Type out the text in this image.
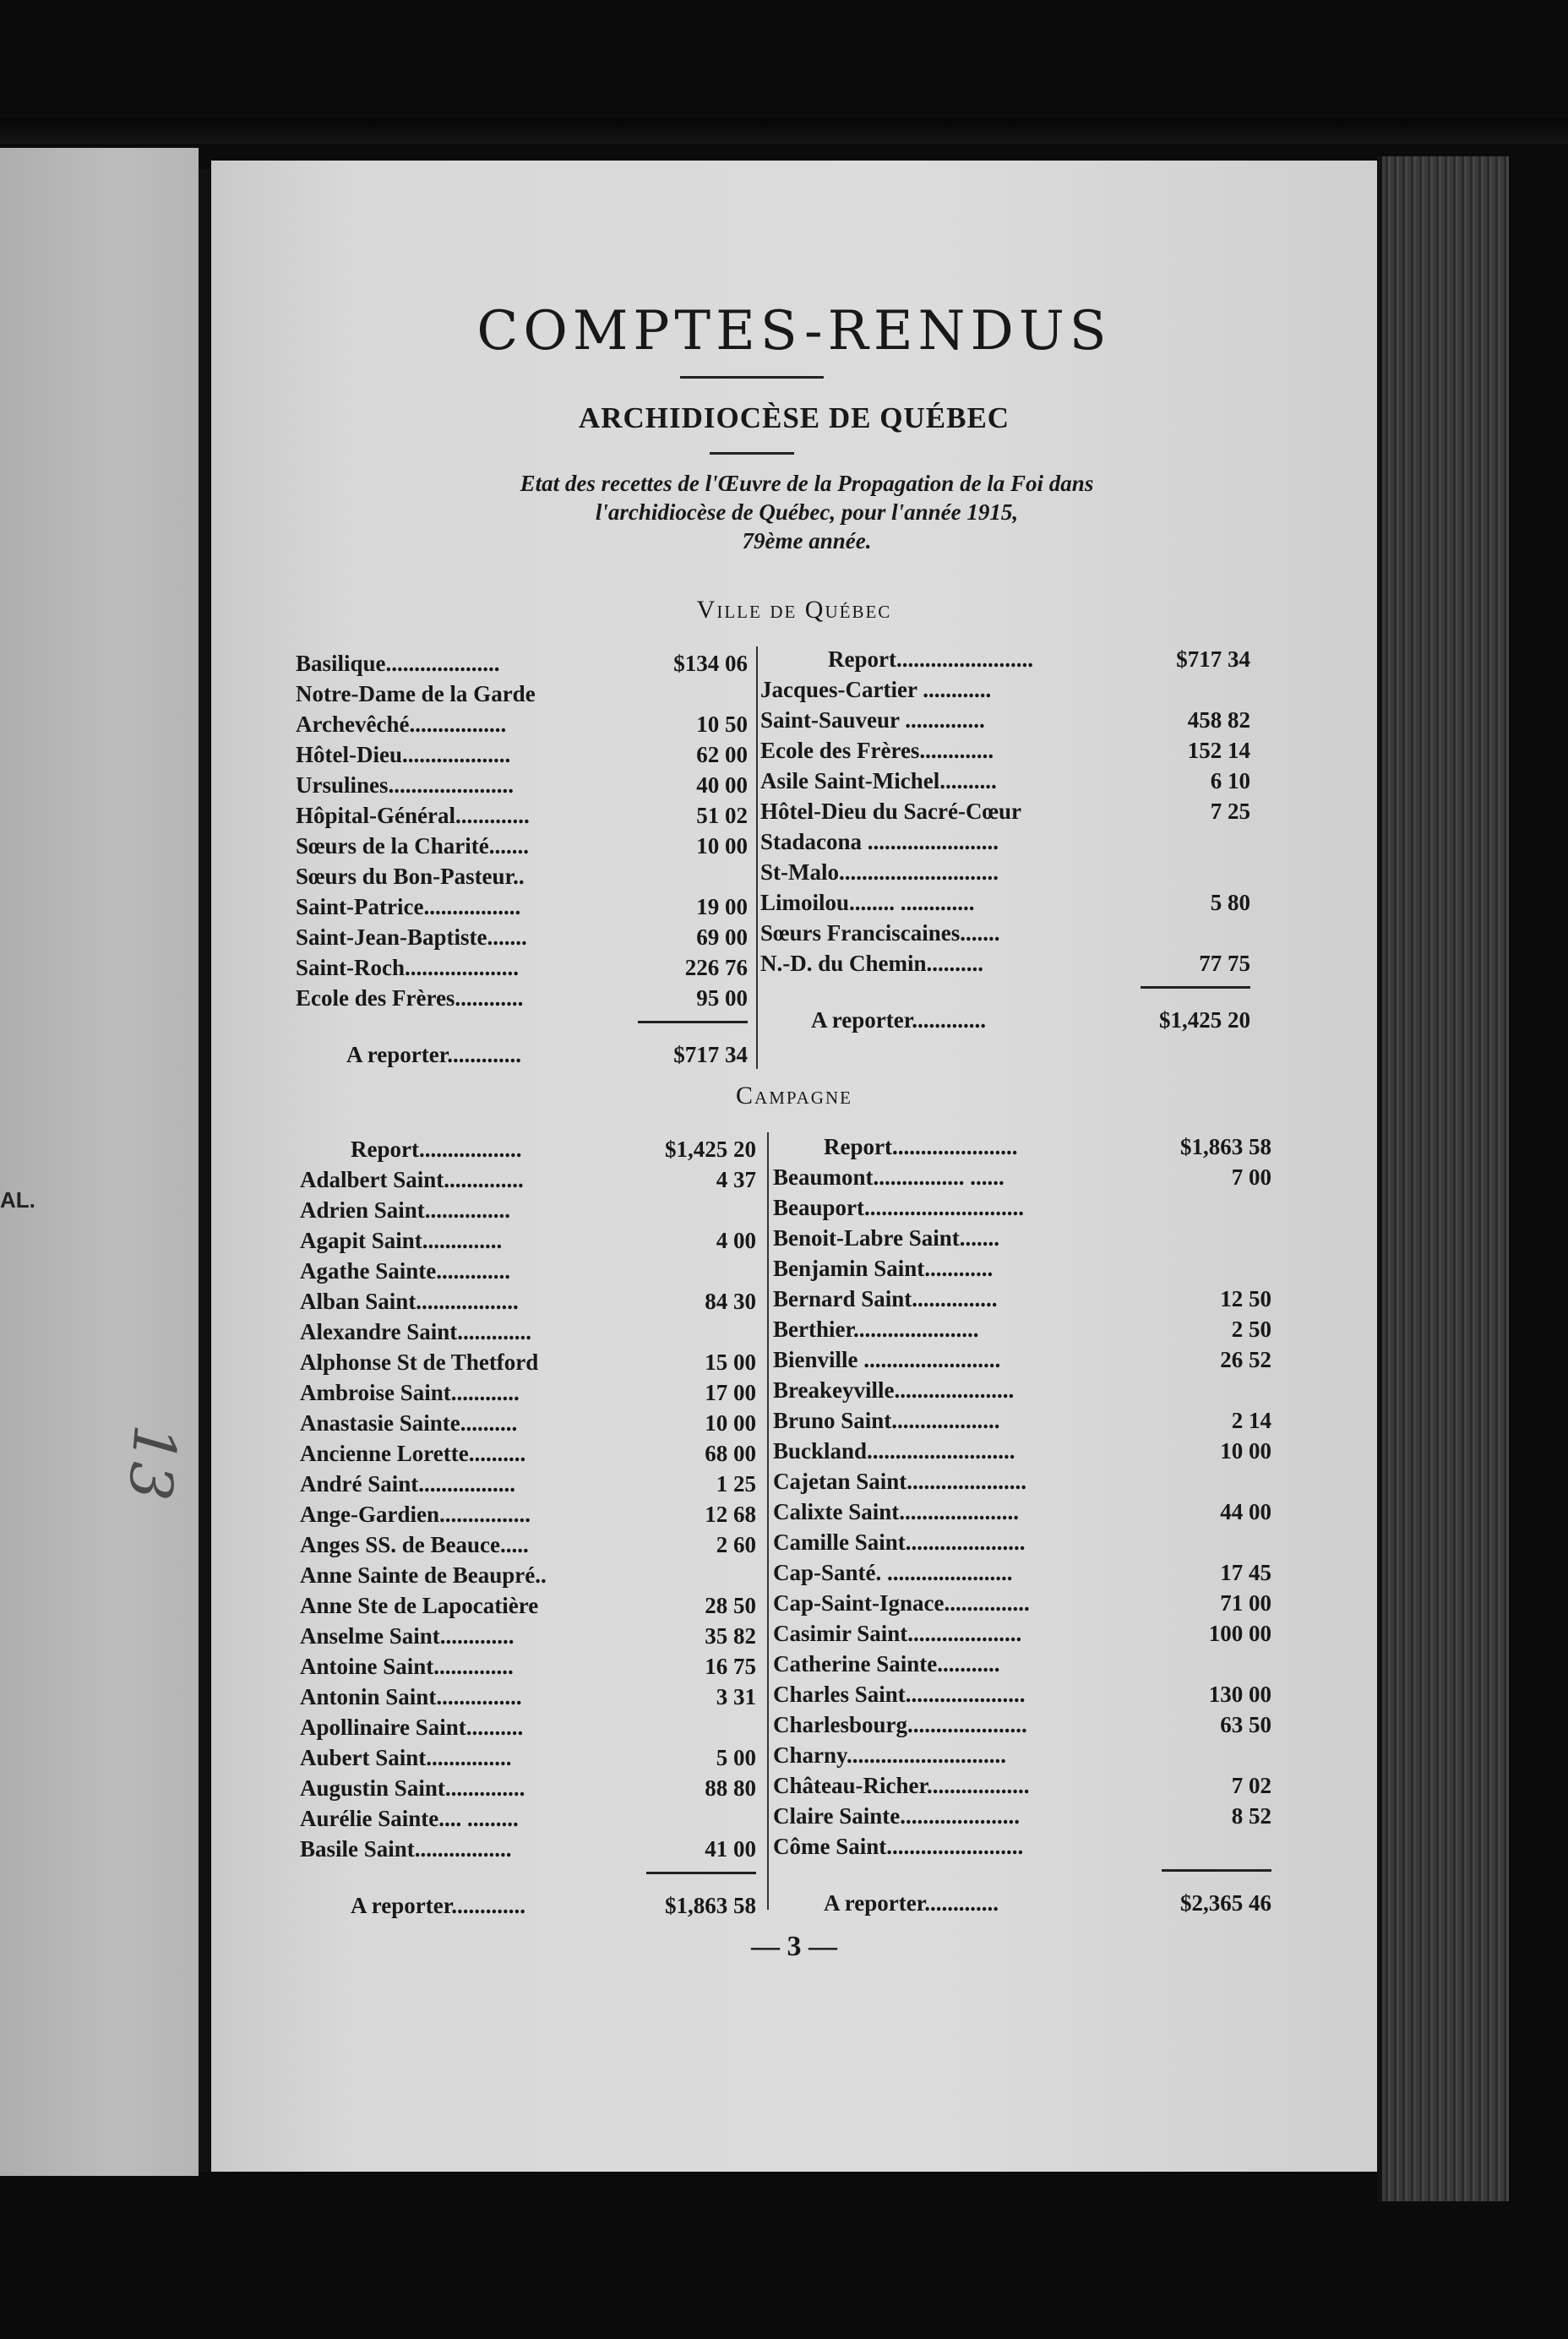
AL.
COMPTES-RENDUS
ARCHIDIOCÈSE DE QUÉBEC
Etat des recettes de l'Œuvre de la Propagation de la Foi dans
l'archidiocèse de Québec, pour l'année 1915,
79ème année.
Ville de Québec
Basilique....................	$134 06
Notre-Dame de la Garde
Archevêché.................	10 50
Hôtel-Dieu...................	62 00
Ursulines......................	40 00
Hôpital-Général.............	51 02
Sœurs de la Charité.......	10 00
Sœurs du Bon-Pasteur..
Saint-Patrice.................	19 00
Saint-Jean-Baptiste.......	69 00
Saint-Roch....................	226 76
Ecole des Frères............	95 00
A reporter.............	$717 34
Report........................	$717 34
Jacques-Cartier ............
Saint-Sauveur ..............	458 82
Ecole des Frères.............	152 14
Asile Saint-Michel..........	6 10
Hôtel-Dieu du Sacré-Cœur	7 25
Stadacona .......................
St-Malo............................
Limoilou........ .............	5 80
Sœurs Franciscaines.......
N.-D. du Chemin..........	77 75
A reporter.............	$1,425 20
Campagne
Report..................	$1,425 20
Adalbert Saint..............	4 37
Adrien Saint...............
Agapit Saint..............	4 00
Agathe Sainte.............
Alban Saint..................	84 30
Alexandre Saint.............
Alphonse St de Thetford	15 00
Ambroise Saint............	17 00
Anastasie Sainte..........	10 00
Ancienne Lorette..........	68 00
André Saint.................	1 25
Ange-Gardien................	12 68
Anges SS. de Beauce.....	2 60
Anne Sainte de Beaupré..
Anne Ste de Lapocatière	28 50
Anselme Saint.............	35 82
Antoine Saint..............	16 75
Antonin Saint...............	3 31
Apollinaire Saint..........
Aubert Saint...............	5 00
Augustin Saint..............	88 80
Aurélie Sainte.... .........
Basile Saint.................	41 00
A reporter.............	$1,863 58
Report......................	$1,863 58
Beaumont................ ......	7 00
Beauport............................
Benoit-Labre Saint.......
Benjamin Saint............
Bernard Saint...............	12 50
Berthier......................	2 50
Bienville ........................	26 52
Breakeyville.....................
Bruno Saint...................	2 14
Buckland..........................	10 00
Cajetan Saint.....................
Calixte Saint.....................	44 00
Camille Saint.....................
Cap-Santé. ......................	17 45
Cap-Saint-Ignace...............	71 00
Casimir Saint....................	100 00
Catherine Sainte...........
Charles Saint.....................	130 00
Charlesbourg.....................	63 50
Charny............................
Château-Richer..................	7 02
Claire Sainte.....................	8 52
Côme Saint........................
A reporter.............	$2,365 46
— 3 —
13
